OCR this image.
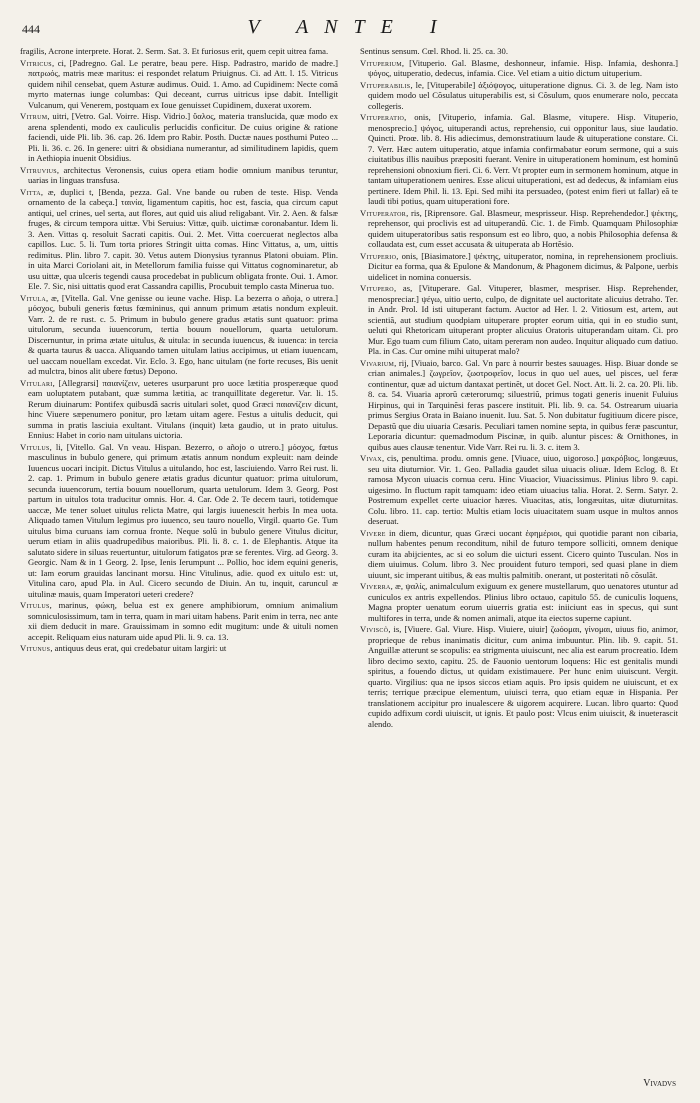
444	V ANTE I

fragilis, Acrone interprete. Horat. 2. Serm. Sat. 3. Et furiosus erit, quem cepit uitrea fama.

Vitricus, ci, [Padregno. Gal. Le peratre, beau pere. Hisp. Padrastro, marido de madre.] πατρωός, matris meæ maritus: ei respondet relatum Priuignus. Ci. ad Att. l. 15. Vitricus quidem nihil censebat, quem Asturæ audimus. Ouid. 1. Amo. ad Cupidinem: Necte comã myrto maternas iunge columbas: Qui deceant, currus uitricus ipse dabit. Intelligit Vulcanum, qui Venerem, postquam ex Ioue genuisset Cupidinem, duxerat uxorem.

Vitrum, uitri, [Vetro. Gal. Voirre. Hisp. Vidrio.] ὕαλος, materia translucida, quæ modo ex arena splendenti, modo ex cauliculis perlucidis conficitur. De cuius origine & ratione faciendi, uide Pli. lib. 36. cap. 26. Idem pro Rabir. Posth. Ductæ naues posthumi Puteo ... Pli. li. 36. c. 26. In genere: uitri & obsidiana numerantur, ad similitudinem lapidis, quem in Aethiopia inuenit Obsidius.

Vitruvius, architectus Veronensis, cuius opera etiam hodie omnium manibus teruntur, uarias in linguas transfusa.

Vitta, æ, duplici t, [Benda, pezza. Gal. Vne bande ou ruben de teste. Hisp. Venda ornamento de la cabeça.] ταινία, ligamentum capitis, hoc est, fascia, qua circum caput antiqui, uel crines, uel serta, aut flores, aut quid uis aliud religabant. Vir. 2. Aen. & falsæ fruges, & circum tempora uittæ. Vbi Seruius: Vittæ, quib. uictimæ coronabantur. Idem li. 3. Aen. Vittas q. resoluit Sacrati capitis. Oui. 2. Met. Vitta coercuerat neglectos alba capillos. Luc. 5. li. Tum torta priores Stringit uitta comas. Hinc Vittatus, a, um, uittis redimitus. Plin. libro 7. capit. 30. Vetus autem Dionysius tyrannus Platoni obuiam. Plin. in uita Marci Coriolani ait, in Metellorum familia fuisse qui Vittatus cognominaretur, ab usu uittæ, qua ulceris tegendi causa procedebat in publicum obligata fronte. Oui. 1. Amor. Ele. 7. Sic, nisi uittatis quod erat Cassandra capillis, Procubuit templo casta Minerua tuo.

Vitula, æ, [Vitella. Gal. Vne genisse ou ieune vache. Hisp. La bezerra o añoja, o utrera.] μόσχος, bubuli generis fœtus fœmininus, qui annum primum ætatis nondum expleuit. Varr. 2. de re rust. c. 5. Primum in bubulo genere gradus ætatis sunt quatuor: prima uitulorum, secunda iuuencorum, tertia bouum nouellorum, quarta uetulorum. Discernuntur, in prima ætate uitulus, & uitula: in secunda iuuencus, & iuuenca: in tercia & quarta taurus & uacca. Aliquando tamen uitulam latius accipimus, ut etiam iuuencam, uel uaccam nouellam excedat. Vir. Eclo. 3. Ego, hanc uitulam (ne forte recuses, Bis uenit ad mulctra, binos alit ubere fœtus) Depono.

Vitulari, [Allegrarsi] παιανίζειν, ueteres usurparunt pro uoce lætitia prosperæque quod eam uoluptatem putabant, quæ summa lætitia, ac tranquillitate degeretur. Var. li. 15. Rerum diuinarum: Pontifex quibusdã sacris uitulari solet, quod Græci παιανίζειν dicunt, hinc Viuere sæpenumero ponitur, pro lætam uitam agere. Festus a uitulis deducit, qui summa in pratis lasciuia exultant. Vitulans (inquit) læta gaudio, ut in prato uitulus. Ennius: Habet in corio nam uitulans uictoria.

Vitulus, li, [Vitello. Gal. Vn veau. Hispan. Bezerro, o añojo o utrero.] μόσχος, fœtus masculinus in bubulo genere, qui primum ætatis annum nondum expleuit: nam deinde Iuuencus uocari incipit. Dictus Vitulus a uitulando, hoc est, lasciuiendo. Varro Rei rust. li. 2. cap. 1. Primum in bubulo genere ætatis gradus dicuntur quatuor: prima uitulorum, secunda iuuencorum, tertia bouum nouellorum, quarta uetulorum. Idem 3. Georg. Post partum in uitulos tota traducitur omnis. Hor. 4. Car. Ode 2. Te decem tauri, totidemque uaccæ, Me tener soluet uitulus relicta Matre, qui largis iuuenescit herbis In mea uota. Aliquado tamen Vitulum legimus pro iuuenco, seu tauro nouello, Virgil. quarto Ge. Tum uitulus bima curuans iam cornua fronte. Neque solũ in bubulo genere Vitulus dicitur, uerum etiam in aliis quadrupedibus maioribus. Pli. li. 8. c. 1. de Elephantis. Atque ita salutato sidere in siluas reuertuntur, uitulorum fatigatos præ se ferentes. Virg. ad Georg. 3. Georgic. Nam & in 1 Georg. 2. Ipse, Ienis Ierumpunt ... Pollio, hoc idem equini generis, ut: Iam eorum grauidas lancinant morsu. Hinc Vitulinus, adie. quod ex uitulo est: ut, Vitulina caro, apud Pla. in Aul. Cicero secundo de Diuin. An tu, inquit, caruncul æ uitulinæ mauis, quam Imperatori ueteri credere?

Vitulus, marinus, φώκη, belua est ex genere amphibiorum, omnium animalium somniculosissimum, tam in terra, quam in mari uitam habens. Parit enim in terra, nec ante xii diem deducit in mare. Grauissimam in somno edit mugitum: unde & uituli nomen accepit. Reliquam eius naturam uide apud Pli. li. 9. ca. 13.

Vitunus, antiquus deus erat, qui credebatur uitam largiri: ut

Sentinus sensum. Cœl. Rhod. li. 25. ca. 30.

Vituperium, [Vituperio. Gal. Blasme, deshonneur, infamie. Hisp. Infamia, deshonra.] ψόγος, uituperatio, dedecus, infamia. Cice. Vel etiam a uitio dictum uituperium.

Vituperabilis, le, [Vituperabile] ἀξιόψογος, uituperatione dignus. Ci. 3. de leg. Nam isto quidem modo uel Cõsulatus uituperabilis est, si Cõsulum, quos enumerare nolo, peccata collegeris.

Vituperatio, onis, [Vituperio, infamia. Gal. Blasme, vitupere. Hisp. Vituperio, menosprecio.] ψόγος, uituperandi actus, reprehensio, cui opponitur laus, siue laudatio. Quincti. Proœ. lib. 8. His adiecimus, demonstratiuum laude & uituperatione constare. Ci. 7. Verr. Hæc autem uituperatio, atque infamia confirmabatur eorum sermone, qui a suis ciuitatibus illis nauibus præpositi fuerant. Venire in uituperationem hominum, est hominũ reprehensioni obnoxium fieri. Ci. 6. Verr. Vt propter eum in sermonem hominum, atque in tantam uituperationem uenires. Esse alicui uituperationi, est ad dedecus, & infamiam eius pertinere. Idem Phil. li. 13. Epi. Sed mihi ita persuadeo, (potest enim fieri ut fallar) eã te laudi tibi potius, quam uituperationi fore.

Vituperator, ris, [Riprensore. Gal. Blasmeur, mesprisseur. Hisp. Reprehendedor.] ψέκτης, reprehensor, qui proclivis est ad uituperandũ. Cic. 1. de Fimb. Quamquam Philosophiæ quidem uituperatoribus satis responsum est eo libro, quo, a nobis Philosophia defensa & collaudata est, cum esset accusata & uituperata ab Hortẽsio.

Vituperio, onis, [Biasimatore.] ψέκτης, uituperator, nomina, in reprehensionem procliuis. Dicitur ea forma, qua & Epulone & Mandonum, & Phagonem dicimus, & Palpone, uerbis uidelicet in nomina conuersis.

Vitupero, as, [Vituperare. Gal. Vituperer, blasmer, mespriser. Hisp. Reprehender, menospreciar.] ψέγω, uitio uerto, culpo, de dignitate uel auctoritate alicuius detraho. Ter. in Andr. Prol. Id isti uituperant factum. Auctor ad Her. l. 2. Vitiosum est, artem, aut scientiã, aut studium quodpiam uituperare propter eorum uitia, qui in eo studio sunt, ueluti qui Rhetoricam uituperant propter alicuius Oratoris uituperandam uitam. Ci. pro Mur. Ego tuam cum filium Cato, uitam pereram non audeo. Inquitur aliquado cum datiuo. Pla. in Cas. Cur omine mihi uituperat malo?

Vivarium, rij, [Viuaio, barco. Gal. Vn parc à nourrir bestes sauuages. Hisp. Biuar donde se crian animales.] ζωγρεῖον, ζωοτροφεῖον, locus in quo uel aues, uel pisces, uel feræ continentur, quæ ad uictum dantaxat pertinẽt, ut docet Gel. Noct. Att. li. 2. ca. 20. Pli. lib. 8. ca. 54. Viuaria aprorũ cæterorumq; siluestriũ, primus togati generis inuenit Fuluius Hirpinus, qui in Tarquinẽsi feras pascere instituit. Pli. lib. 9. ca. 54. Ostrearum uiuaria primus Sergius Orata in Baiano inuenit. Iuu. Sat. 5. Non dubitatur fugitiuum dicere pisce, Depastũ que diu uiuaria Cæsaris. Peculiari tamen nomine septa, in quibus feræ pascuntur, Leporaria dicuntur: quemadmodum Piscinæ, in quib. aluntur pisces: & Ornithones, in quibus aues clausæ tenentur. Vide Varr. Rei ru. li. 3. c. item 3.

Vivax, cis, penultima. produ. omnis gene. [Viuace, uiuo, uigoroso.] μακρόβιος, longæuus, seu uita diuturnior. Vir. 1. Geo. Palladia gaudet silua uiuacis oliuæ. Idem Eclog. 8. Et ramosa Mycon uiuacis cornua ceru. Hinc Viuacior, Viuacissimus. Plinius libro 9. capi. uigesimo. In fluctum rapit tamquam: ideo etiam uiuacius talia. Horat. 2. Serm. Satyr. 2. Postremum expellet certe uiuacior hæres. Viuacitas, atis, longæuitas, uitæ diuturnitas. Colu. libro. 11. cap. tertio: Multis etiam locis uiuacitatem suam usque in multos annos deseruat.

Vivere in diem, dicuntur, quas Græci uocant ἐφημέριοι, qui quotidie parant non cibaria, nullum habentes penum reconditum, nihil de futuro tempore solliciti, omnem denique curam ita abijcientes, ac si eo solum die uicturi essent. Cicero quinto Tusculan. Nos in diem uiuimus. Colum. libro 3. Nec prouident futuro tempori, sed quasi plane in diem uiuunt, sic imperant uitibus, & eas multis palmitib. onerant, ut posteritati nõ cõsulãt.

Viverra, æ, ψαλίς, animalculum exiguum ex genere mustellarum, quo uenatores utuntur ad cuniculos ex antris expellendos. Plinius libro octauo, capitulo 55. de cuniculis loquens, Magna propter uenatum eorum uiuerris gratia est: iniiciunt eas in specus, qui sunt multifores in terra, unde & nomen animali, atque ita eiectos superne capiunt.

Viviscô, is, [Viuere. Gal. Viure. Hisp. Viuiere, uiuir] ζωόομαι, γίνομαι, uiuus fio, animor, proprieque de rebus inanimatis dicitur, cum anima imbuuntur. Plin. lib. 9. capit. 51. Anguillæ atterunt se scopulis: ea strigmenta uiuiscunt, nec alia est earum procreatio. Idem libro decimo sexto, capitu. 25. de Fauonio uentorum loquens: Hic est genitalis mundi spiritus, a fouendo dictus, ut quidam existimauere. Per hunc enim uiuiscunt. Vergit. quarto. Virgilius: qua ne ipsos siccos etiam aquis. Pro ipsis quidem ne uiuiscunt, et ex terris; terrique præcipue elementum, uiuisci terra, quo etiam equæ in Hispania. Per translationem accipitur pro inualescere & uigorem acquirere. Lucan. libro quarto: Quod cupido adfixum cordi uiuiscit, ut ignis. Et paulo post: Vlcus enim uiuiscit, & inueterascit alendo.

Vivadvs
